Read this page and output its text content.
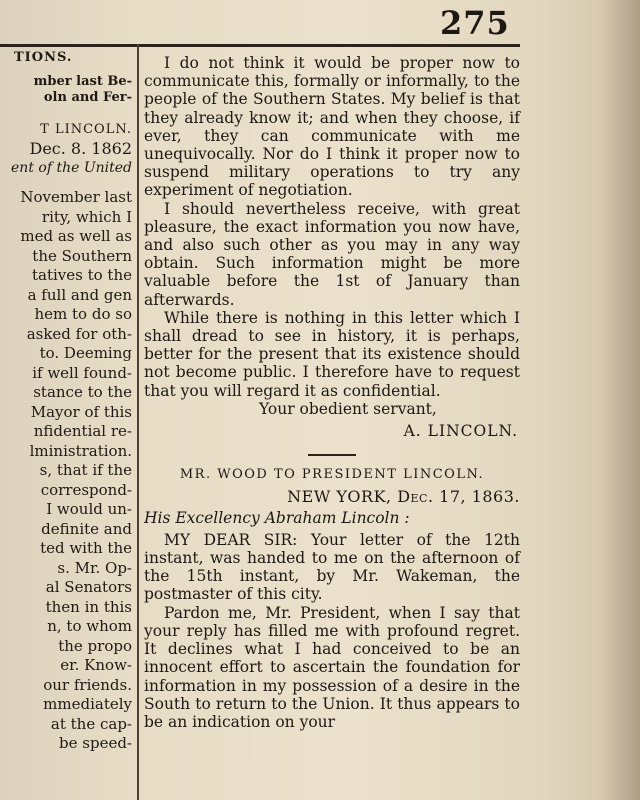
275
TIONS.
mber last Be-
oln and Fer-
T LINCOLN.
Dec. 8. 1862
ent of the United
November last
rity, which I
med as well as
the Southern
tatives to the
a full and gen
hem to do so
asked for oth-
to. Deeming
if well found-
stance to the
Mayor of this
nfidential re-
lministration.
s, that if the
correspond-
I would un-
definite and
ted with the
s. Mr. Op-
al Senators
then in this
n, to whom
the propo
er. Know-
our friends.
mmediately
at the cap-
be speed-

I do not think it would be proper now to communicate this, formally or informally, to the people of the Southern States. My belief is that they already know it; and when they choose, if ever, they can communicate with me unequivocally. Nor do I think it proper now to suspend military operations to try any experiment of negotiation.

I should nevertheless receive, with great pleasure, the exact information you now have, and also such other as you may in any way obtain. Such information might be more valuable before the 1st of January than afterwards.

While there is nothing in this letter which I shall dread to see in history, it is perhaps, better for the present that its existence should not become public. I therefore have to request that you will regard it as confidential.

Your obedient servant,

A. LINCOLN.

MR. WOOD TO PRESIDENT LINCOLN.

NEW YORK, Dec. 17, 1863.

His Excellency Abraham Lincoln :

MY DEAR SIR: Your letter of the 12th instant, was handed to me on the afternoon of the 15th instant, by Mr. Wakeman, the postmaster of this city.

Pardon me, Mr. President, when I say that your reply has filled me with profound regret. It declines what I had conceived to be an innocent effort to ascertain the foundation for information in my possession of a desire in the South to return to the Union. It thus appears to be an indication on your
